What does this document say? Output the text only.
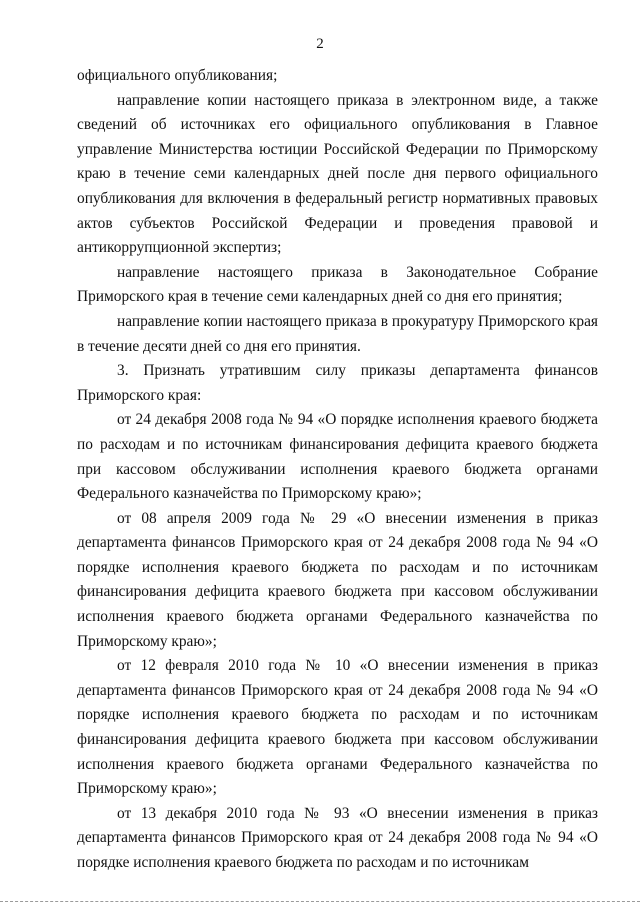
2

официального опубликования;

направление копии настоящего приказа в электронном виде, а также сведений об источниках его официального опубликования в Главное управление Министерства юстиции Российской Федерации по Приморскому краю в течение семи календарных дней после дня первого официального опубликования для включения в федеральный регистр нормативных правовых актов субъектов Российской Федерации и проведения правовой и антикоррупционной экспертиз;

направление настоящего приказа в Законодательное Собрание Приморского края в течение семи календарных дней со дня его принятия;

направление копии настоящего приказа в прокуратуру Приморского края в течение десяти дней со дня его принятия.

3. Признать утратившим силу приказы департамента финансов Приморского края:

от 24 декабря 2008 года № 94 «О порядке исполнения краевого бюджета по расходам и по источникам финансирования дефицита краевого бюджета при кассовом обслуживании исполнения краевого бюджета органами Федерального казначейства по Приморскому краю»;

от 08 апреля 2009 года № 29 «О внесении изменения в приказ департамента финансов Приморского края от 24 декабря 2008 года № 94 «О порядке исполнения краевого бюджета по расходам и по источникам финансирования дефицита краевого бюджета при кассовом обслуживании исполнения краевого бюджета органами Федерального казначейства по Приморскому краю»;

от 12 февраля 2010 года № 10 «О внесении изменения в приказ департамента финансов Приморского края от 24 декабря 2008 года № 94 «О порядке исполнения краевого бюджета по расходам и по источникам финансирования дефицита краевого бюджета при кассовом обслуживании исполнения краевого бюджета органами Федерального казначейства по Приморскому краю»;

от 13 декабря 2010 года № 93 «О внесении изменения в приказ департамента финансов Приморского края от 24 декабря 2008 года № 94 «О порядке исполнения краевого бюджета по расходам и по источникам
